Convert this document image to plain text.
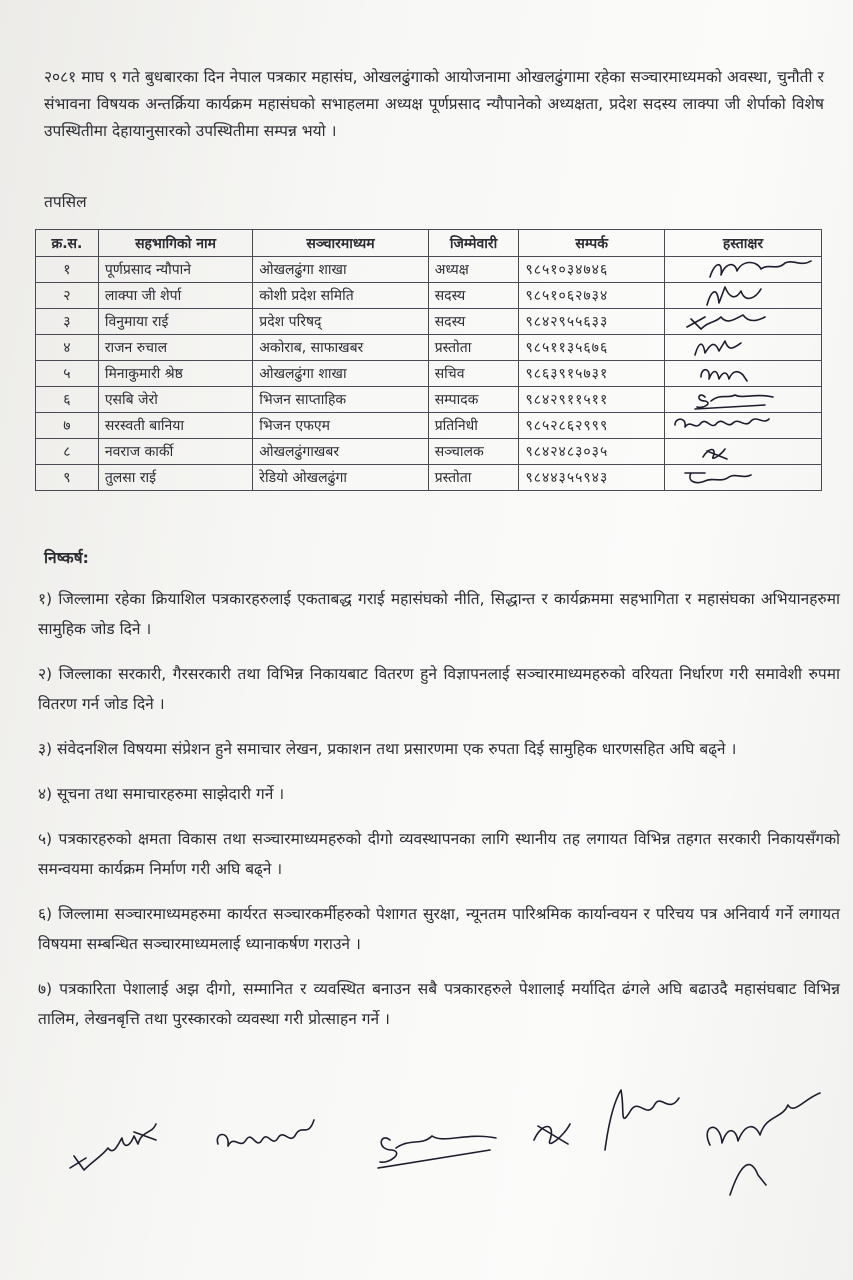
२०८१ माघ ९ गते बुधबारका दिन नेपाल पत्रकार महासंघ, ओखलढुंगाको आयोजनामा ओखलढुंगामा रहेका सञ्चारमाध्यमको अवस्था, चुनौती र संभावना विषयक अन्तर्क्रिया कार्यक्रम महासंघको सभाहलमा अध्यक्ष पूर्णप्रसाद न्यौपानेको अध्यक्षता, प्रदेश सदस्य लाक्पा जी शेर्पाको विशेष उपस्थितीमा देहायानुसारको उपस्थितीमा सम्पन्न भयो ।

तपसिल
क्र.स.	सहभागिको नाम	सञ्चारमाध्यम	जिम्मेवारी	सम्पर्क	हस्ताक्षर
१	पूर्णप्रसाद न्यौपाने	ओखलढुंगा शाखा	अध्यक्ष	९८५१०३४७४६	

२	लाक्पा जी शेर्पा	कोशी प्रदेश समिति	सदस्य	९८५१०६२७३४	

३	विनुमाया राई	प्रदेश परिषद्	सदस्य	९८४२९५५६३३	

४	राजन रुचाल	अकोराब, साफाखबर	प्रस्तोता	९८५११३५६७६	

५	मिनाकुमारी श्रेष्ठ	ओखलढुंगा शाखा	सचिव	९८६३९१५७३१	

६	एसबि जेरो	भिजन साप्ताहिक	सम्पादक	९८४२९११५११	

७	सरस्वती बानिया	भिजन एफएम	प्रतिनिधी	९८५२८६२९९९	

८	नवराज कार्की	ओखलढुंगाखबर	सञ्चालक	९८४२४८३०३५	

९	तुलसा राई	रेडियो ओखलढुंगा	प्रस्तोता	९८४४३५५९४३	
निष्कर्ष:

१) जिल्लामा रहेका क्रियाशिल पत्रकारहरुलाई एकताबद्ध गराई महासंघको नीति, सिद्धान्त र कार्यक्रममा सहभागिता र महासंघका अभियानहरुमा सामुहिक जोड दिने ।

२) जिल्लाका सरकारी, गैरसरकारी तथा विभिन्न निकायबाट वितरण हुने विज्ञापनलाई सञ्चारमाध्यमहरुको वरियता निर्धारण गरी समावेशी रुपमा वितरण गर्न जोड दिने ।

३) संवेदनशिल विषयमा संप्रेशन हुने समाचार लेखन, प्रकाशन तथा प्रसारणमा एक रुपता दिई सामुहिक धारणसहित अघि बढ्ने ।

४) सूचना तथा समाचारहरुमा साझेदारी गर्ने ।

५) पत्रकारहरुको क्षमता विकास तथा सञ्चारमाध्यमहरुको दीगो व्यवस्थापनका लागि स्थानीय तह लगायत विभिन्न तहगत सरकारी निकायसँगको समन्वयमा कार्यक्रम निर्माण गरी अघि बढ्ने ।

६) जिल्लामा सञ्चारमाध्यमहरुमा कार्यरत सञ्चारकर्मीहरुको पेशागत सुरक्षा, न्यूनतम पारिश्रमिक कार्यान्वयन र परिचय पत्र अनिवार्य गर्ने लगायत विषयमा सम्बन्धित सञ्चारमाध्यमलाई ध्यानाकर्षण गराउने ।

७) पत्रकारिता पेशालाई अझ दीगो, सम्मानित र व्यवस्थित बनाउन सबै पत्रकारहरुले पेशालाई मर्यादित ढंगले अघि बढाउदै महासंघबाट विभिन्न तालिम, लेखनबृत्ति तथा पुरस्कारको व्यवस्था गरी प्रोत्साहन गर्ने ।
